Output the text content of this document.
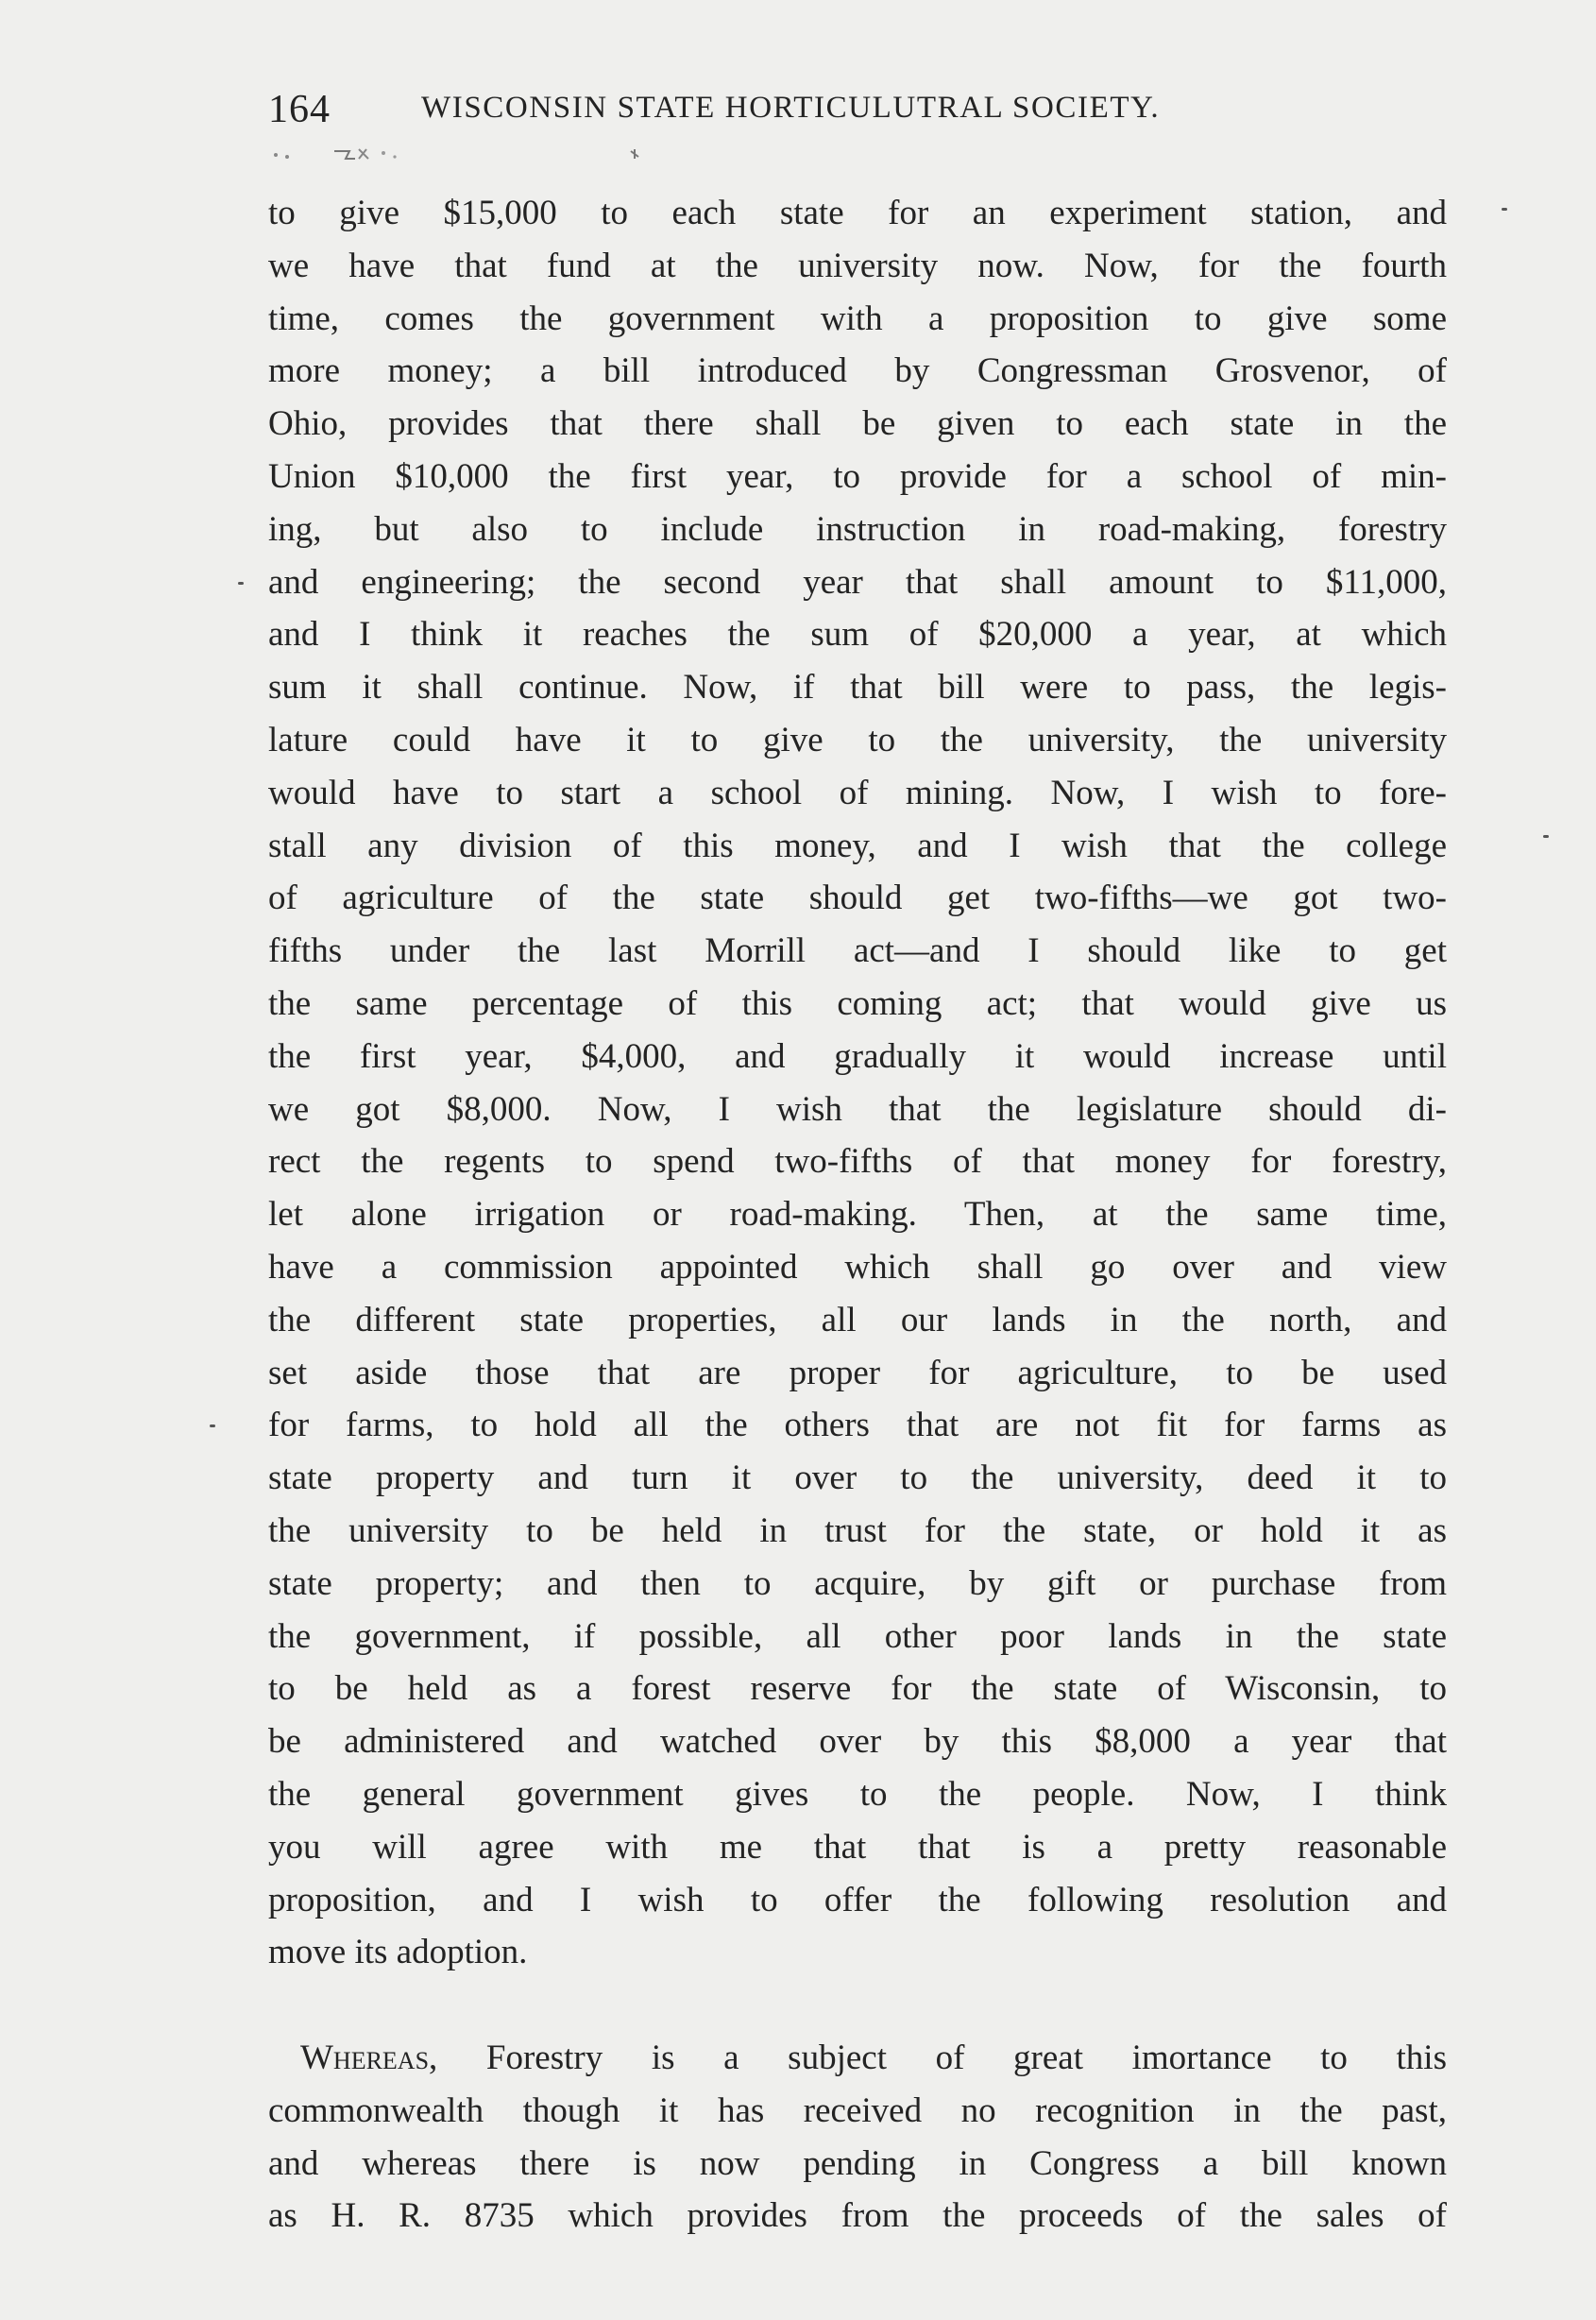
164	WISCONSIN STATE HORTICULUTRAL SOCIETY.
to give $15,000 to each state for an experiment station, and
we have that fund at the university now. Now, for the fourth
time, comes the government with a proposition to give some
more money; a bill introduced by Congressman Grosvenor, of
Ohio, provides that there shall be given to each state in the
Union $10,000 the first year, to provide for a school of min-
ing, but also to include instruction in road-making, forestry
and engineering; the second year that shall amount to $11,000,
and I think it reaches the sum of $20,000 a year, at which
sum it shall continue. Now, if that bill were to pass, the legis-
lature could have it to give to the university, the university
would have to start a school of mining. Now, I wish to fore-
stall any division of this money, and I wish that the college
of agriculture of the state should get two-fifths—we got two-
fifths under the last Morrill act—and I should like to get
the same percentage of this coming act; that would give us
the first year, $4,000, and gradually it would increase until
we got $8,000. Now, I wish that the legislature should di-
rect the regents to spend two-fifths of that money for forestry,
let alone irrigation or road-making. Then, at the same time,
have a commission appointed which shall go over and view
the different state properties, all our lands in the north, and
set aside those that are proper for agriculture, to be used
for farms, to hold all the others that are not fit for farms as
state property and turn it over to the university, deed it to
the university to be held in trust for the state, or hold it as
state property; and then to acquire, by gift or purchase from
the government, if possible, all other poor lands in the state
to be held as a forest reserve for the state of Wisconsin, to
be administered and watched over by this $8,000 a year that
the general government gives to the people. Now, I think
you will agree with me that that is a pretty reasonable
proposition, and I wish to offer the following resolution and
move its adoption.
Whereas, Forestry is a subject of great imortance to this
commonwealth though it has received no recognition in the past,
and whereas there is now pending in Congress a bill known
as H. R. 8735 which provides from the proceeds of the sales of
